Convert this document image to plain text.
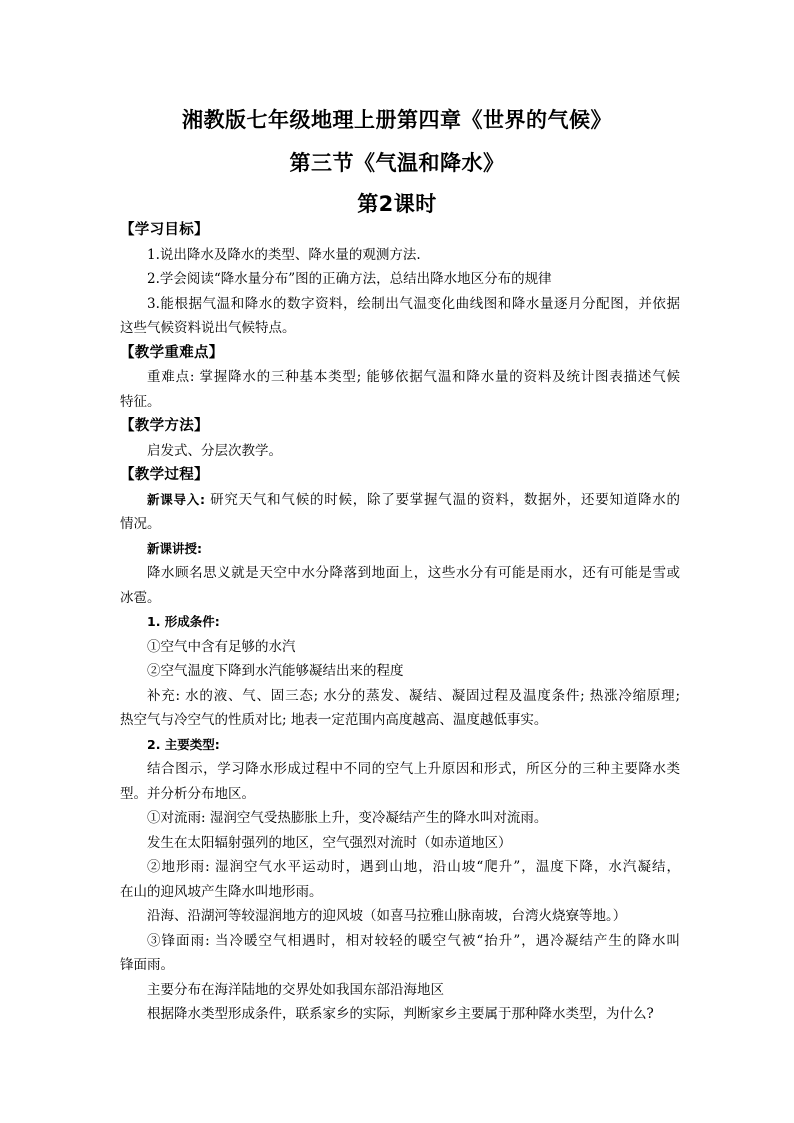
湘教版七年级地理上册第四章《世界的气候》
第三节《气温和降水》
第2课时

【学习目标】

1.说出降水及降水的类型、降水量的观测方法.

2.学会阅读“降水量分布”图的正确方法，总结出降水地区分布的规律

3.能根据气温和降水的数字资料，绘制出气温变化曲线图和降水量逐月分配图，并依据

这些气候资料说出气候特点。

【教学重难点】

重难点: 掌握降水的三种基本类型; 能够依据气温和降水量的资料及统计图表描述气候

特征。

【教学方法】

启发式、分层次教学。

【教学过程】

新课导入: 研究天气和气候的时候，除了要掌握气温的资料，数据外，还要知道降水的

情况。

新课讲授:

降水顾名思义就是天空中水分降落到地面上，这些水分有可能是雨水，还有可能是雪或

冰雹。

1. 形成条件:

①空气中含有足够的水汽

②空气温度下降到水汽能够凝结出来的程度

补充: 水的液、气、固三态; 水分的蒸发、凝结、凝固过程及温度条件; 热涨冷缩原理;

热空气与冷空气的性质对比; 地表一定范围内高度越高、温度越低事实。

2. 主要类型:

结合图示，学习降水形成过程中不同的空气上升原因和形式，所区分的三种主要降水类

型。并分析分布地区。

①对流雨: 湿润空气受热膨胀上升，变冷凝结产生的降水叫对流雨。

发生在太阳辐射强列的地区，空气强烈对流时（如赤道地区）

②地形雨: 湿润空气水平运动时，遇到山地，沿山坡“爬升”，温度下降，水汽凝结，

在山的迎风坡产生降水叫地形雨。

沿海、沿湖河等较湿润地方的迎风坡（如喜马拉雅山脉南坡，台湾火烧寮等地。）

③锋面雨: 当冷暖空气相遇时，相对较轻的暖空气被“抬升”，遇冷凝结产生的降水叫

锋面雨。

主要分布在海洋陆地的交界处如我国东部沿海地区

根据降水类型形成条件，联系家乡的实际，判断家乡主要属于那种降水类型，为什么?
